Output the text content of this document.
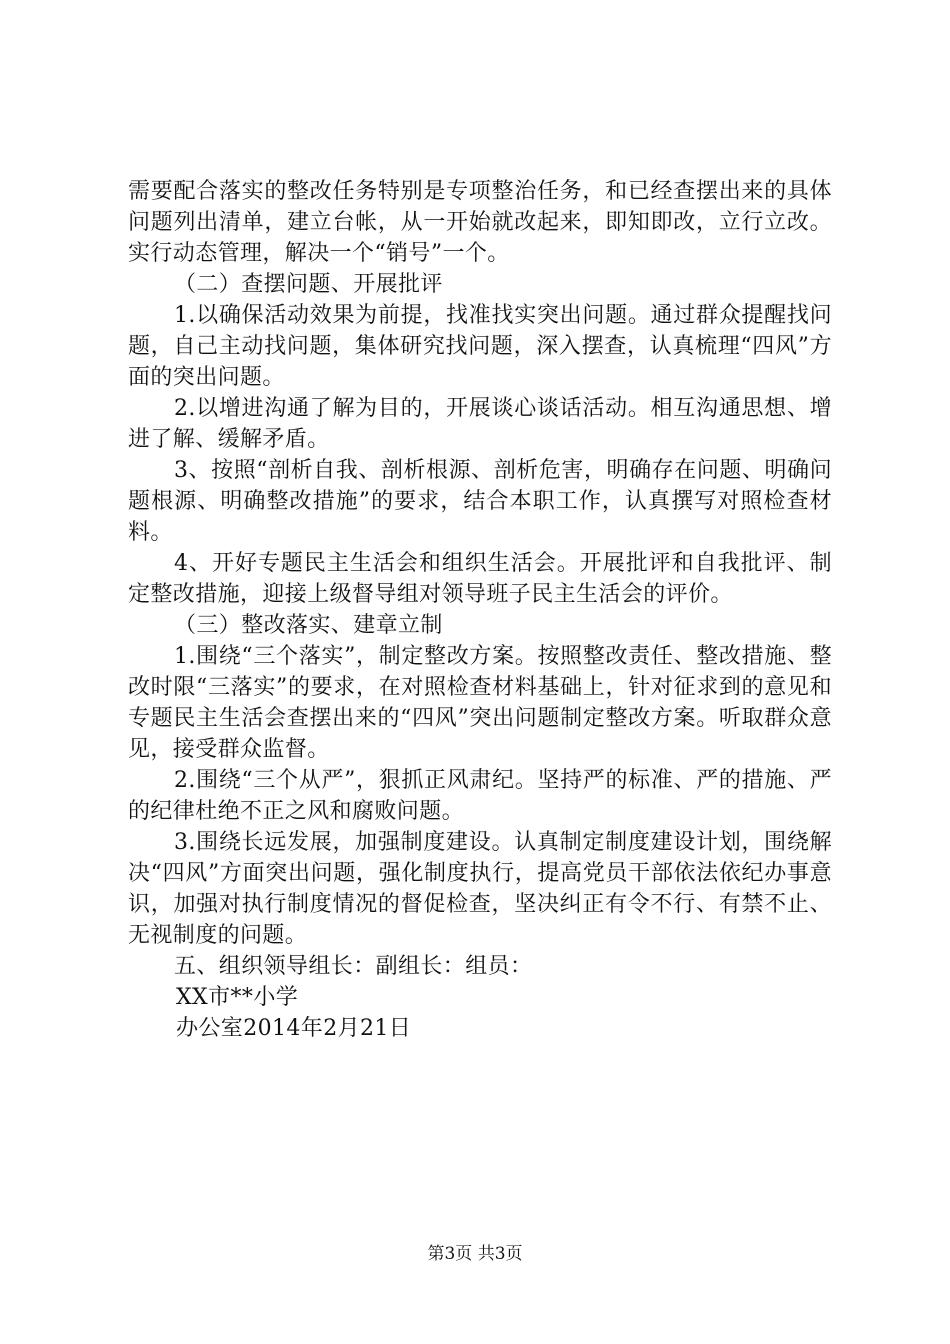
需要配合落实的整改任务特别是专项整治任务，和已经查摆出来的具体问题列出清单，建立台帐，从一开始就改起来，即知即改，立行立改。实行动态管理，解决一个“销号”一个。

（二）查摆问题、开展批评

1.以确保活动效果为前提，找准找实突出问题。通过群众提醒找问题，自己主动找问题，集体研究找问题，深入摆查，认真梳理“四风”方面的突出问题。

2.以增进沟通了解为目的，开展谈心谈话活动。相互沟通思想、增进了解、缓解矛盾。

3、按照“剖析自我、剖析根源、剖析危害，明确存在问题、明确问题根源、明确整改措施”的要求，结合本职工作，认真撰写对照检查材料。

4、开好专题民主生活会和组织生活会。开展批评和自我批评、制定整改措施，迎接上级督导组对领导班子民主生活会的评价。

（三）整改落实、建章立制

1.围绕“三个落实”，制定整改方案。按照整改责任、整改措施、整改时限“三落实”的要求，在对照检查材料基础上，针对征求到的意见和专题民主生活会查摆出来的“四风”突出问题制定整改方案。听取群众意见，接受群众监督。

2.围绕“三个从严”，狠抓正风肃纪。坚持严的标准、严的措施、严的纪律杜绝不正之风和腐败问题。

3.围绕长远发展，加强制度建设。认真制定制度建设计划，围绕解决“四风”方面突出问题，强化制度执行，提高党员干部依法依纪办事意识，加强对执行制度情况的督促检查，坚决纠正有令不行、有禁不止、无视制度的问题。

五、组织领导组长：副组长：组员：

XX市**小学

办公室2014年2月21日

第3页 共3页
